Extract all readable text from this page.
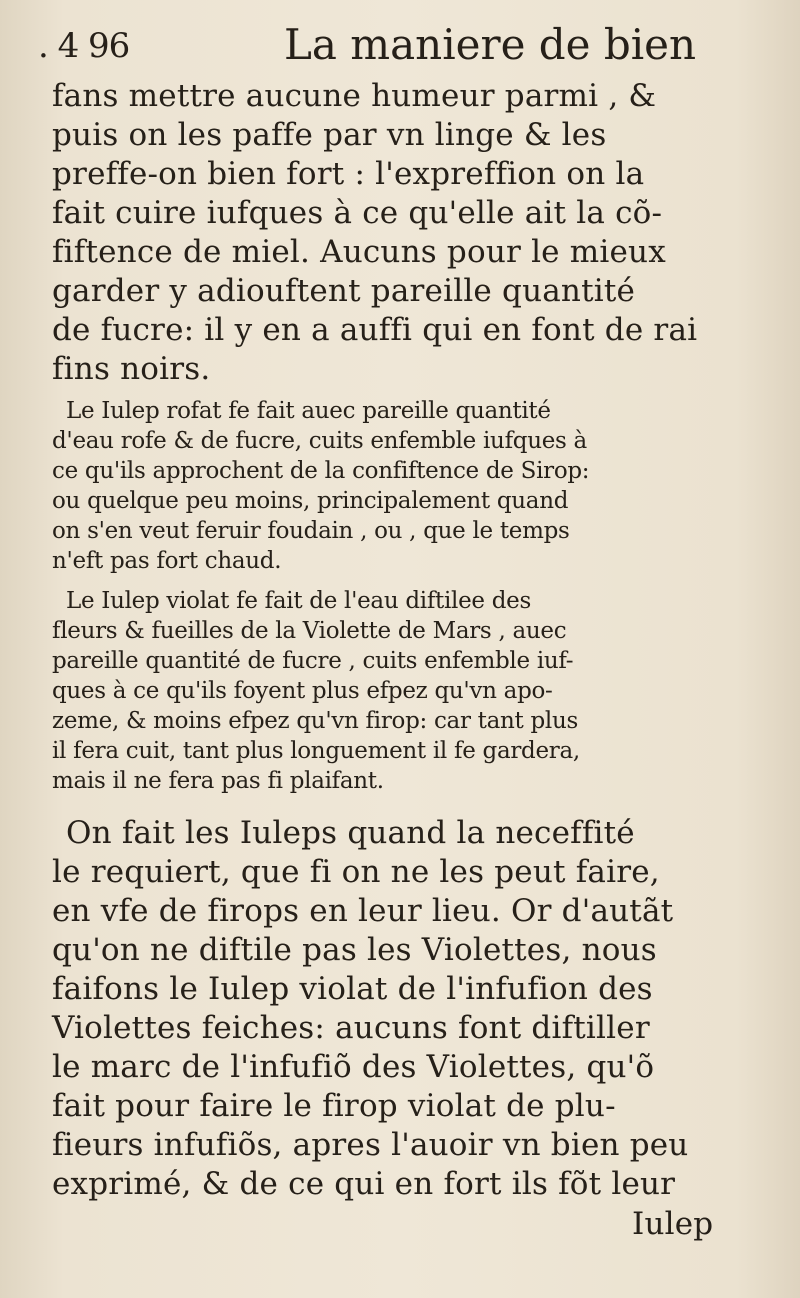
. 4 96	La maniere de bien
fans mettre aucune humeur parmi , &
puis on les paffe par vn linge & les
preffe-on bien fort : l'expreffion on la
fait cuire iufques à ce qu'elle ait la cõ-
fiftence de miel. Aucuns pour le mieux
garder y adiouftent pareille quantité
de fucre: il y en a auffi qui en font de rai
fins noirs.
Le Iulep rofat fe fait auec pareille quantité
d'eau rofe & de fucre, cuits enfemble iufques à
ce qu'ils approchent de la confiftence de Sirop:
ou quelque peu moins, principalement quand
on s'en veut feruir foudain , ou , que le temps
n'eft pas fort chaud.
Le Iulep violat fe fait de l'eau diftilee des
fleurs & fueilles de la Violette de Mars , auec
pareille quantité de fucre , cuits enfemble iuf-
ques à ce qu'ils foyent plus efpez qu'vn apo-
zeme, & moins efpez qu'vn firop: car tant plus
il fera cuit, tant plus longuement il fe gardera,
mais il ne fera pas fi plaifant.
On fait les Iuleps quand la neceffité
le requiert, que fi on ne les peut faire,
en vfe de firops en leur lieu. Or d'autãt
qu'on ne diftile pas les Violettes, nous
faifons le Iulep violat de l'infufion des
Violettes feiches: aucuns font diftiller
le marc de l'infufiõ des Violettes, qu'õ
fait pour faire le firop violat de plu-
fieurs infufiõs, apres l'auoir vn bien peu
exprimé, & de ce qui en fort ils fõt leur
Iulep
